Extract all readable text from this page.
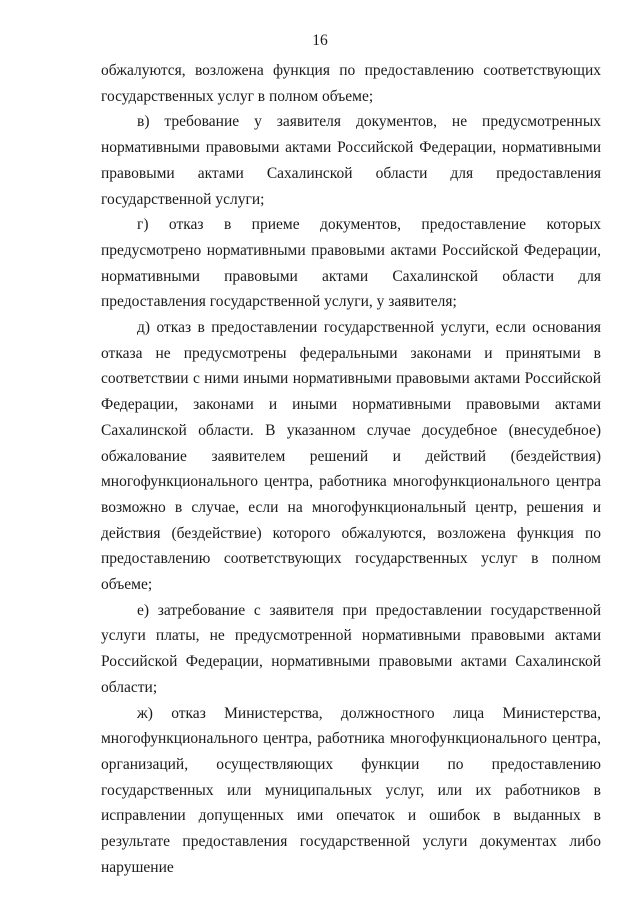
16

обжалуются, возложена функция по предоставлению соответствующих государственных услуг в полном объеме;

в) требование у заявителя документов, не предусмотренных нормативными правовыми актами Российской Федерации, нормативными правовыми актами Сахалинской области для предоставления государственной услуги;

г) отказ в приеме документов, предоставление которых предусмотрено нормативными правовыми актами Российской Федерации, нормативными правовыми актами Сахалинской области для предоставления государственной услуги, у заявителя;

д) отказ в предоставлении государственной услуги, если основания отказа не предусмотрены федеральными законами и принятыми в соответствии с ними иными нормативными правовыми актами Российской Федерации, законами и иными нормативными правовыми актами Сахалинской области. В указанном случае досудебное (внесудебное) обжалование заявителем решений и действий (бездействия) многофункционального центра, работника многофункционального центра возможно в случае, если на многофункциональный центр, решения и действия (бездействие) которого обжалуются, возложена функция по предоставлению соответствующих государственных услуг в полном объеме;

е) затребование с заявителя при предоставлении государственной услуги платы, не предусмотренной нормативными правовыми актами Российской Федерации, нормативными правовыми актами Сахалинской области;

ж) отказ Министерства, должностного лица Министерства, многофункционального центра, работника многофункционального центра, организаций, осуществляющих функции по предоставлению государственных или муниципальных услуг, или их работников в исправлении допущенных ими опечаток и ошибок в выданных в результате предоставления государственной услуги документах либо нарушение
